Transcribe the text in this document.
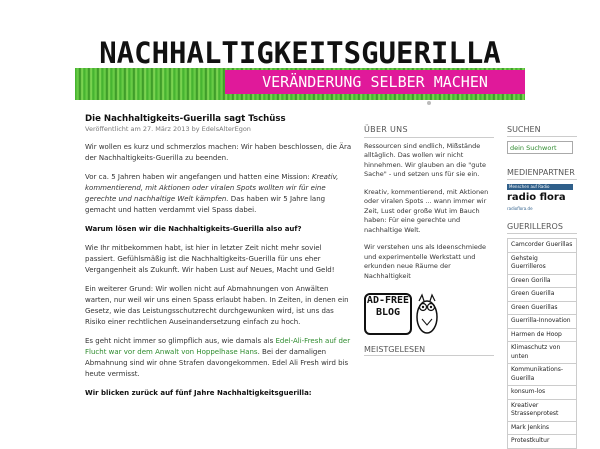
NACHHALTIGKEITSGUERILLA
VERÄNDERUNG SELBER MACHEN
Die Nachhaltigkeits-Guerilla sagt Tschüss
Veröffentlicht am 27. März 2013 by EdelsAlterEgon

Wir wollen es kurz und schmerzlos machen: Wir haben beschlossen, die Ära der Nachhaltigkeits-Guerilla zu beenden.

Vor ca. 5 Jahren haben wir angefangen und hatten eine Mission: Kreativ, kommentierend, mit Aktionen oder viralen Spots wollten wir für eine gerechte und nachhaltige Welt kämpfen. Das haben wir 5 Jahre lang gemacht und hatten verdammt viel Spass dabei.

Warum lösen wir die Nachhaltigkeits-Guerilla also auf?

Wie Ihr mitbekommen habt, ist hier in letzter Zeit nicht mehr soviel passiert. Gefühlsmäßig ist die Nachhaltigkeits-Guerilla für uns eher Vergangenheit als Zukunft. Wir haben Lust auf Neues, Macht und Geld!

Ein weiterer Grund: Wir wollen nicht auf Abmahnungen von Anwälten warten, nur weil wir uns einen Spass erlaubt haben. In Zeiten, in denen ein Gesetz, wie das Leistungsschutzrecht durchgewunken wird, ist uns das Risiko einer rechtlichen Auseinandersetzung einfach zu hoch.

Es geht nicht immer so glimpflich aus, wie damals als Edel-Ali-Fresh auf der Flucht war vor dem Anwalt von Hoppelhase Hans. Bei der damaligen Abmahnung sind wir ohne Strafen davongekommen. Edel Ali Fresh wird bis heute vermisst.

Wir blicken zurück auf fünf Jahre Nachhaltigkeitsguerilla:

ÜBER UNS

Ressourcen sind endlich, Mißstände alltäglich. Das wollen wir nicht hinnehmen. Wir glauben an die "gute Sache" - und setzen uns für sie ein.

Kreativ, kommentierend, mit Aktionen oder viralen Spots ... wann immer wir Zeit, Lust oder große Wut im Bauch haben: Für eine gerechte und nachhaltige Welt.

Wir verstehen uns als Ideenschmiede und experimentelle Werkstatt und erkunden neue Räume der Nachhaltigkeit

AD-FREE BLOG
MEISTGELESEN
SUCHEN
dein Suchwort
MEDIENPARTNER
Menschen auf Radio
radio flora
radioflora.de
GUERILLEROS
Camcorder Guerillas
Gehsteig Guerrilleros
Green Gorilla
Green Guerilla
Green Guerillas
Guerrilla-Innovation
Harmen de Hoop
Klimaschutz von unten
Kommunikations-Guerilla
konsum-los
Kreativer Strassenprotest
Mark Jenkins
Protestkultur
